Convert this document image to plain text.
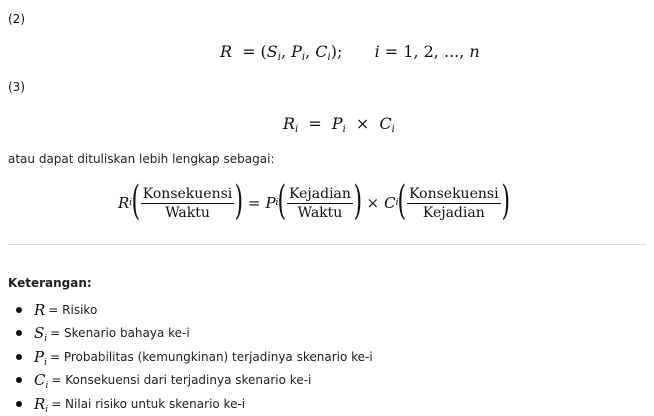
(2)
$R = (S_i$, $P_i$, $C_i$); i = 1, 2, ..., n
(3)
$R_i = P_i \times C_i$
atau dapat dituliskan lebih lengkap sebagai:
R i ( $\frac{\text{Konsekuensi}}{\text{Waktu}}$ ) = P i ( $\frac{\text{Kejadian}}{\text{Waktu}}$ ) × C i ( $\frac{\text{Konsekuensi}}{\text{Kejadian}}$ )
Keterangan:
R = Risiko
$S_i$ = Skenario bahaya ke-i
$P_i$ = Probabilitas (kemungkinan) terjadinya skenario ke-i
$C_i$ = Konsekuensi dari terjadinya skenario ke-i
$R_i$ = Nilai risiko untuk skenario ke-i
